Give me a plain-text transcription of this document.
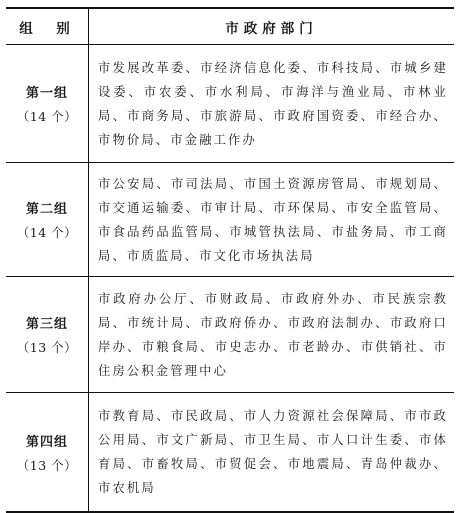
组　别	市政府部门

第一组
（14 个）	市发展改革委、市经济信息化委、市科技局、市城乡建设委、市农委、市水利局、市海洋与渔业局、市林业局、市商务局、市旅游局、市政府国资委、市经合办、市物价局、市金融工作办

第二组
（14 个）	市公安局、市司法局、市国土资源房管局、市规划局、市交通运输委、市审计局、市环保局、市安全监管局、市食品药品监管局、市城管执法局、市盐务局、市工商局、市质监局、市文化市场执法局

第三组
（13 个）	市政府办公厅、市财政局、市政府外办、市民族宗教局、市统计局、市政府侨办、市政府法制办、市政府口岸办、市粮食局、市史志办、市老龄办、市供销社、市住房公积金管理中心

第四组
（13 个）	市教育局、市民政局、市人力资源社会保障局、市市政公用局、市文广新局、市卫生局、市人口计生委、市体育局、市畜牧局、市贸促会、市地震局、青岛仲裁办、市农机局
